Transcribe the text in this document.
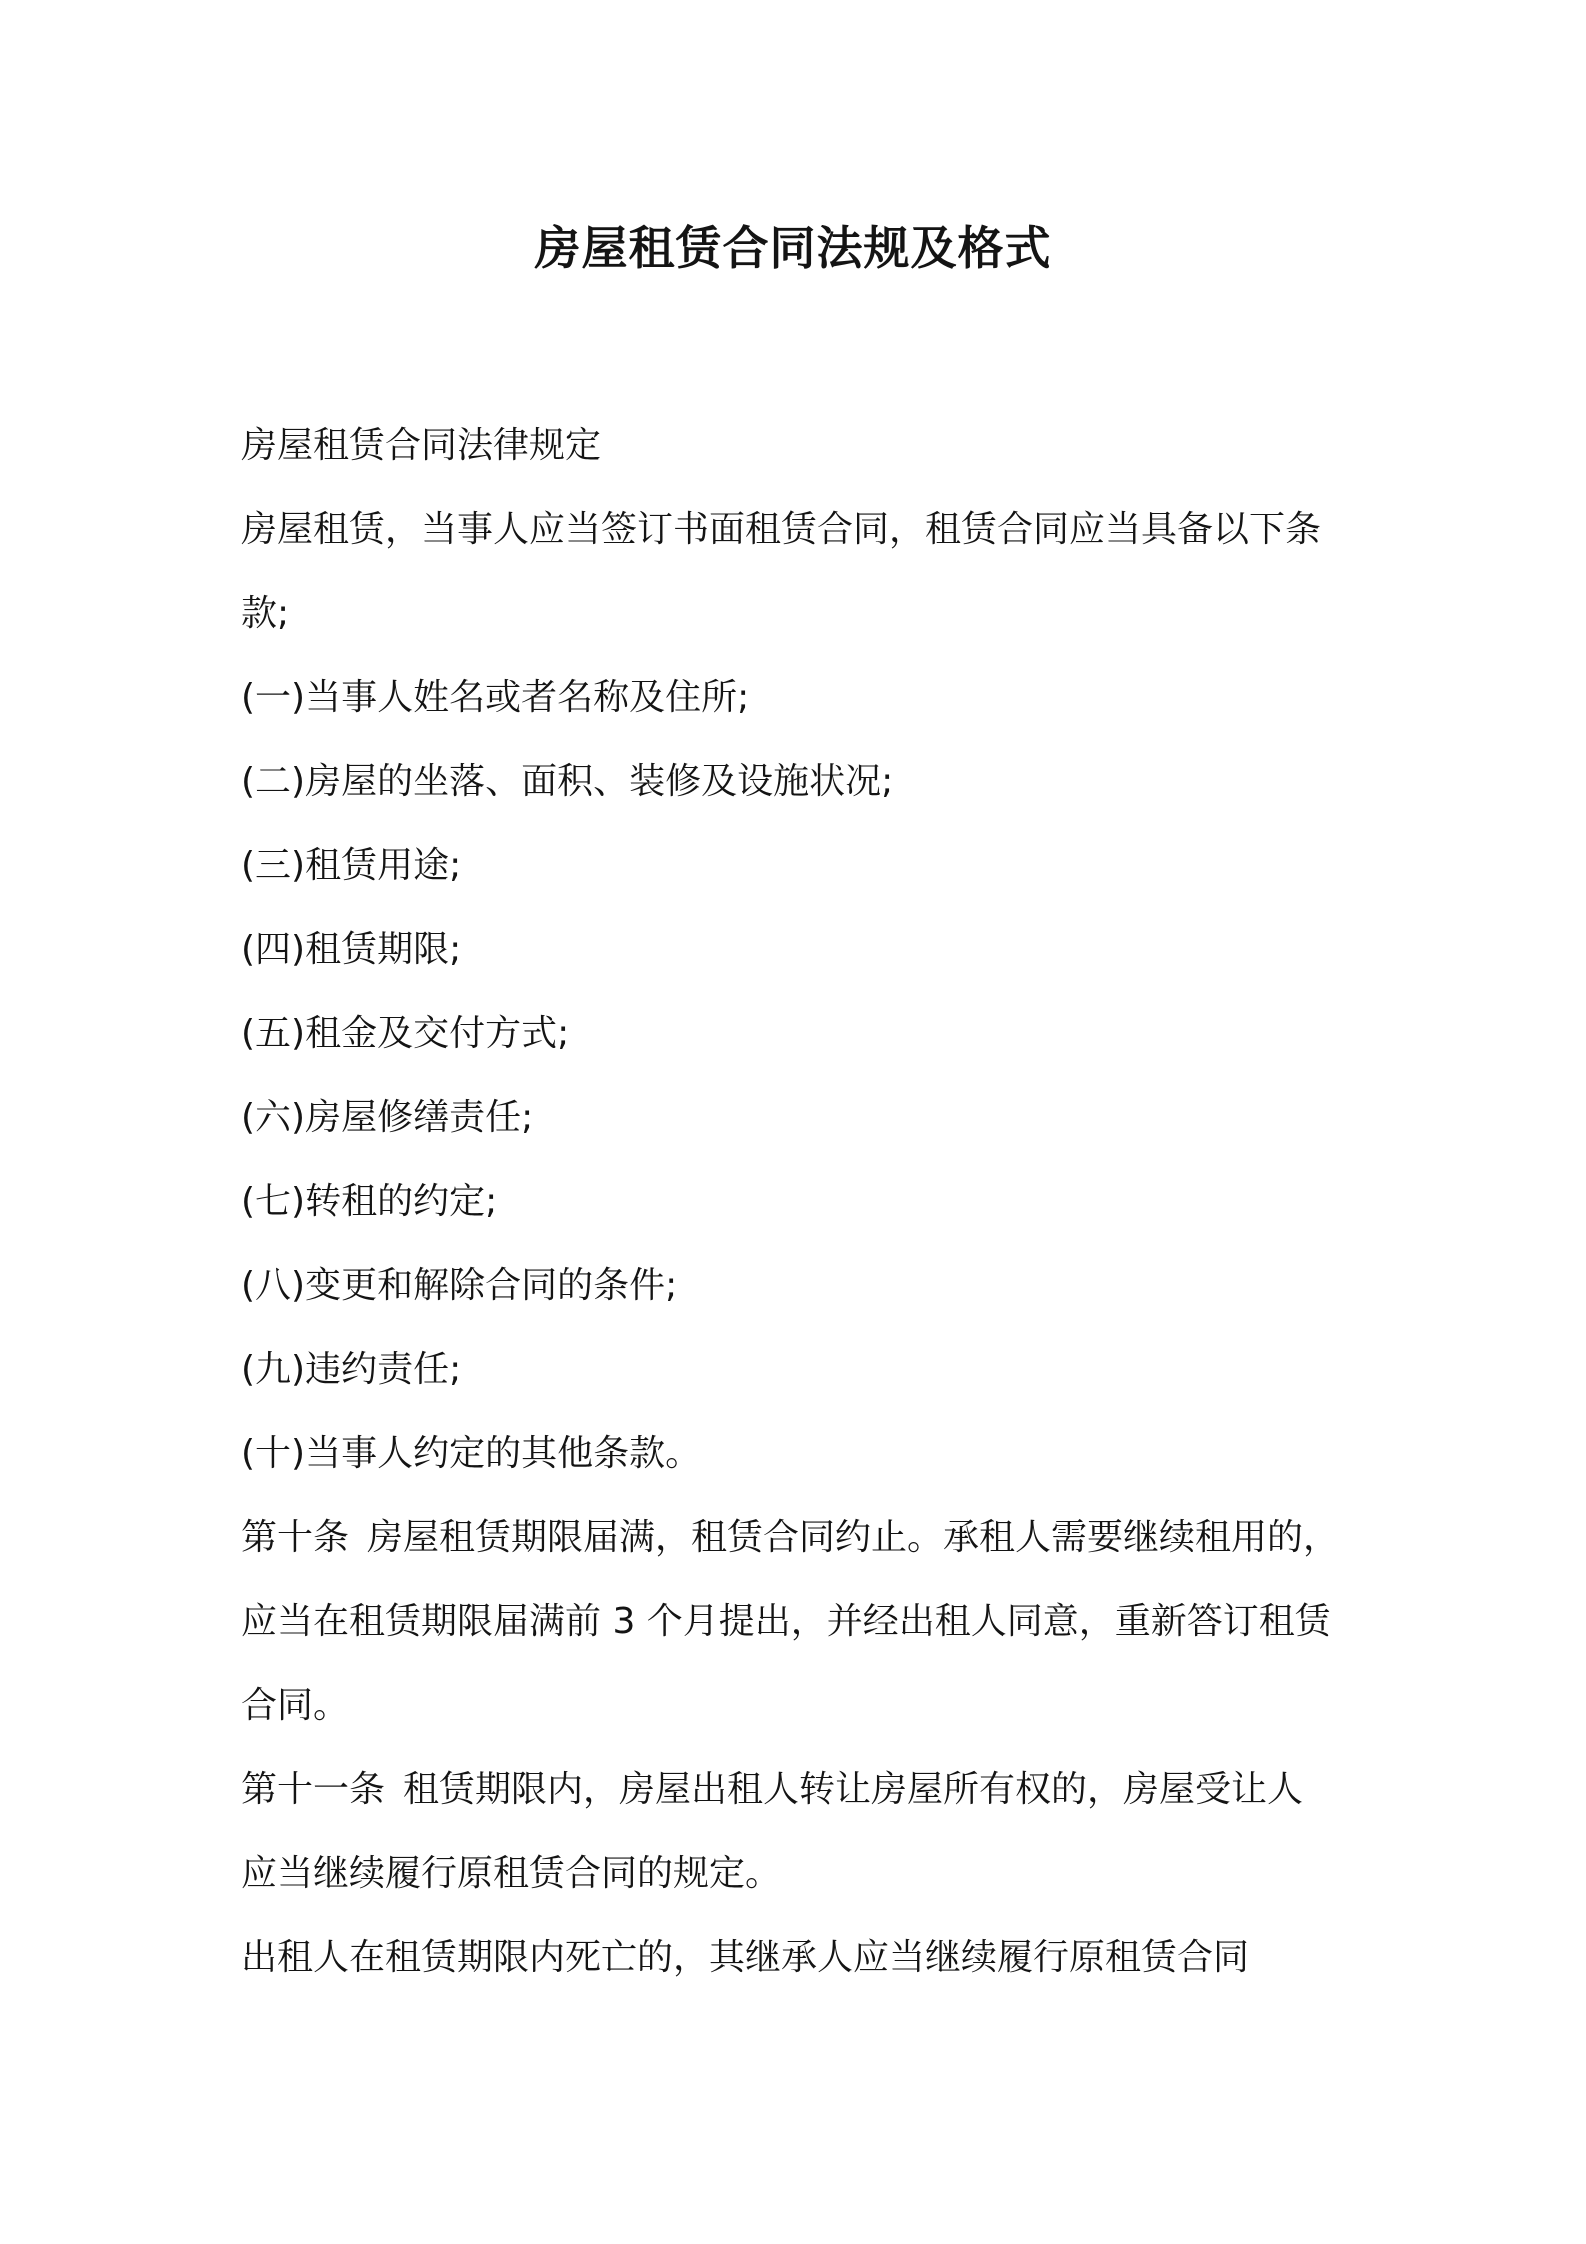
房屋租赁合同法规及格式

房屋租赁合同法律规定

房屋租赁，当事人应当签订书面租赁合同，租赁合同应当具备以下条

款;

(一)当事人姓名或者名称及住所;

(二)房屋的坐落、面积、装修及设施状况;

(三)租赁用途;

(四)租赁期限;

(五)租金及交付方式;

(六)房屋修缮责任;

(七)转租的约定;

(八)变更和解除合同的条件;

(九)违约责任;

(十)当事人约定的其他条款。

第十条 房屋租赁期限届满，租赁合同约止。承租人需要继续租用的，

应当在租赁期限届满前 3 个月提出，并经出租人同意，重新答订租赁

合同。

第十一条 租赁期限内，房屋出租人转让房屋所有权的，房屋受让人

应当继续履行原租赁合同的规定。

出租人在租赁期限内死亡的，其继承人应当继续履行原租赁合同
